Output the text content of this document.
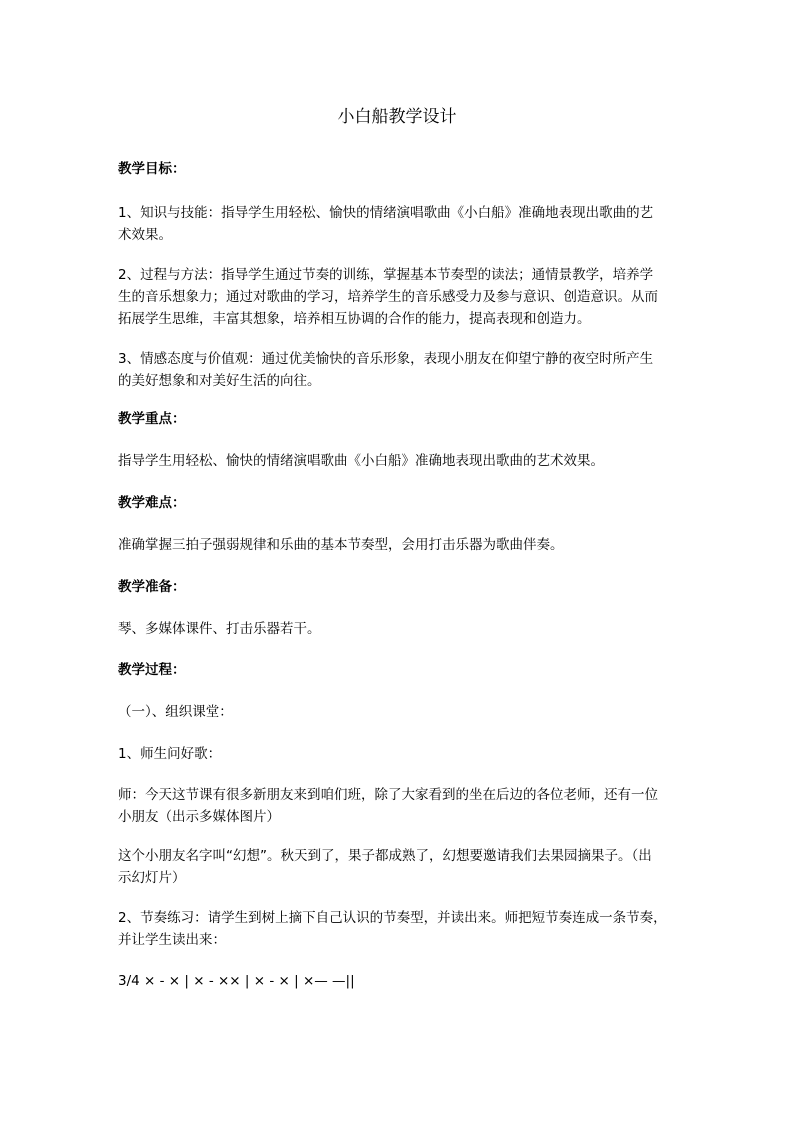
小白船教学设计

教学目标：

1、知识与技能：指导学生用轻松、愉快的情绪演唱歌曲《小白船》准确地表现出歌曲的艺
术效果。

2、过程与方法：指导学生通过节奏的训练，掌握基本节奏型的读法；通情景教学，培养学
生的音乐想象力；通过对歌曲的学习，培养学生的音乐感受力及参与意识、创造意识。从而
拓展学生思维，丰富其想象，培养相互协调的合作的能力，提高表现和创造力。

3、情感态度与价值观：通过优美愉快的音乐形象，表现小朋友在仰望宁静的夜空时所产生
的美好想象和对美好生活的向往。

教学重点：

指导学生用轻松、愉快的情绪演唱歌曲《小白船》准确地表现出歌曲的艺术效果。

教学难点：

准确掌握三拍子强弱规律和乐曲的基本节奏型，会用打击乐器为歌曲伴奏。

教学准备：

琴、多媒体课件、打击乐器若干。

教学过程：

（一）、组织课堂：

1、师生问好歌：

师：今天这节课有很多新朋友来到咱们班，除了大家看到的坐在后边的各位老师，还有一位
小朋友（出示多媒体图片）

这个小朋友名字叫“幻想”。秋天到了，果子都成熟了，幻想要邀请我们去果园摘果子。（出
示幻灯片）

2、节奏练习：请学生到树上摘下自己认识的节奏型，并读出来。师把短节奏连成一条节奏，
并让学生读出来：

3/4 × - × | × - ×× | × - × | ×— —||
